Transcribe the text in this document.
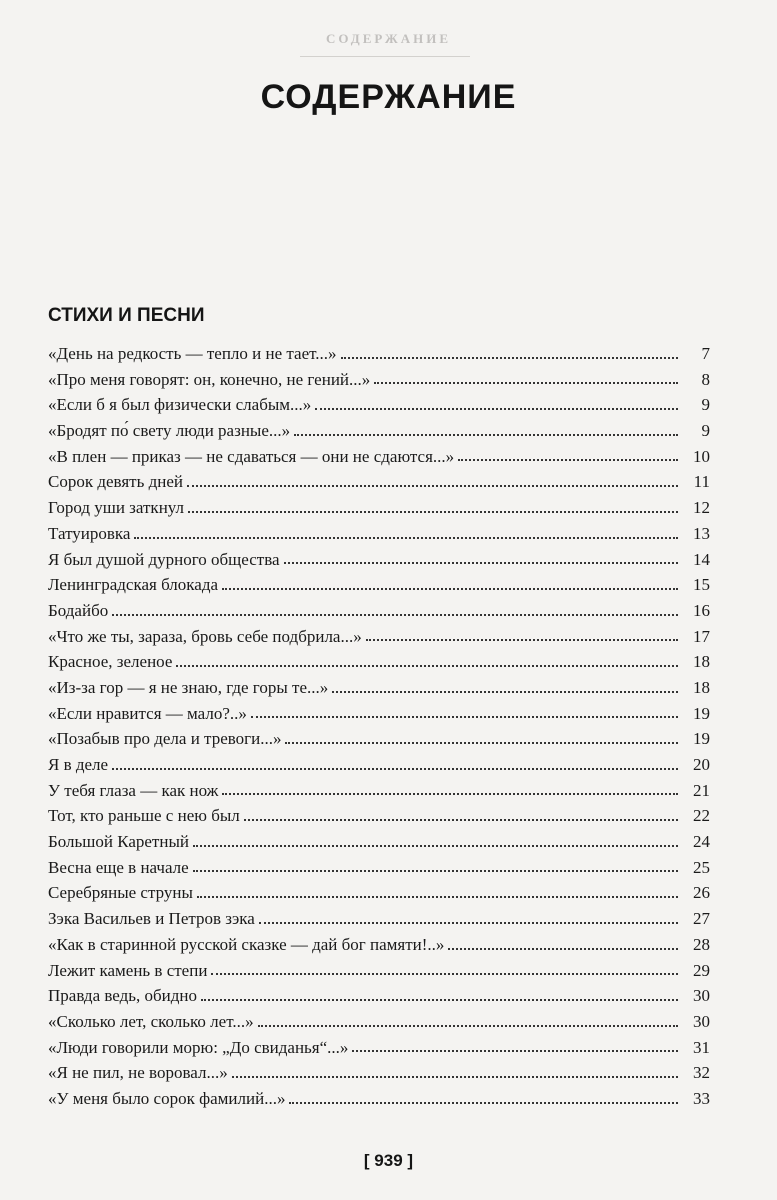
СОДЕРЖАНИЕ
СОДЕРЖАНИЕ
СТИХИ И ПЕСНИ
«День на редкость — тепло и не тает...»	7
«Про меня говорят: он, конечно, не гений...»	8
«Если б я был физически слабым...»	9
«Бродят по́ свету люди разные...»	9
«В плен — приказ — не сдаваться — они не сдаются...»	10
Сорок девять дней	11
Город уши заткнул	12
Татуировка	13
Я был душой дурного общества	14
Ленинградская блокада	15
Бодайбо	16
«Что же ты, зараза, бровь себе подбрила...»	17
Красное, зеленое	18
«Из-за гор — я не знаю, где горы те...»	18
«Если нравится — мало?..»	19
«Позабыв про дела и тревоги...»	19
Я в деле	20
У тебя глаза — как нож	21
Тот, кто раньше с нею был	22
Большой Каретный	24
Весна еще в начале	25
Серебряные струны	26
Зэка Васильев и Петров зэка	27
«Как в старинной русской сказке — дай бог памяти!..»	28
Лежит камень в степи	29
Правда ведь, обидно	30
«Сколько лет, сколько лет...»	30
«Люди говорили морю: „До свиданья“...»	31
«Я не пил, не воровал...»	32
«У меня было сорок фамилий...»	33
[ 939 ]
